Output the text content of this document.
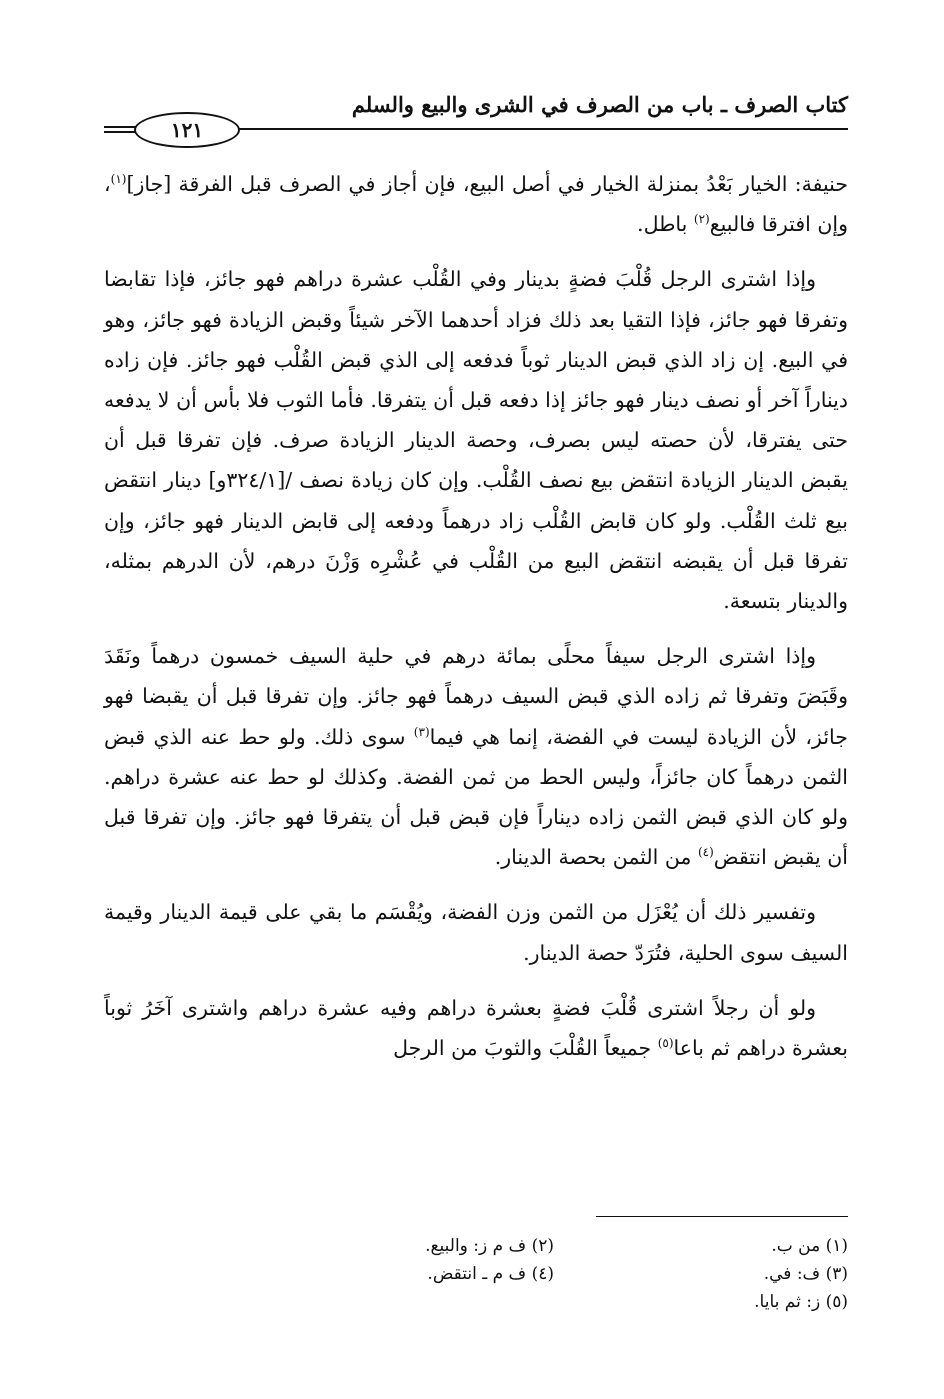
كتاب الصرف ـ باب من الصرف في الشرى والبيع والسلم
١٢١

حنيفة: الخيار بَعْدُ بمنزلة الخيار في أصل البيع، فإن أجاز في الصرف قبل الفرقة [جاز]$^{(١)}$، وإن افترقا فالبيع$^{(٢)}$ باطل.

وإذا اشترى الرجل قُلْبَ فضةٍ بدينار وفي القُلْب عشرة دراهم فهو جائز، فإذا تقابضا وتفرقا فهو جائز، فإذا التقيا بعد ذلك فزاد أحدهما الآخر شيئاً وقبض الزيادة فهو جائز، وهو في البيع. إن زاد الذي قبض الدينار ثوباً فدفعه إلى الذي قبض القُلْب فهو جائز. فإن زاده ديناراً آخر أو نصف دينار فهو جائز إذا دفعه قبل أن يتفرقا. فأما الثوب فلا بأس أن لا يدفعه حتى يفترقا، لأن حصته ليس بصرف، وحصة الدينار الزيادة صرف. فإن تفرقا قبل أن يقبض الدينار الزيادة انتقض بيع نصف القُلْب. وإن كان زيادة نصف /[٣٢٤/١و] دينار انتقض بيع ثلث القُلْب. ولو كان قابض القُلْب زاد درهماً ودفعه إلى قابض الدينار فهو جائز، وإن تفرقا قبل أن يقبضه انتقض البيع من القُلْب في عُشْرِه وَزْنَ درهم، لأن الدرهم بمثله، والدينار بتسعة.

وإذا اشترى الرجل سيفاً محلًى بمائة درهم في حلية السيف خمسون درهماً ونَقَدَ وقَبَضَ وتفرقا ثم زاده الذي قبض السيف درهماً فهو جائز. وإن تفرقا قبل أن يقبضا فهو جائز، لأن الزيادة ليست في الفضة، إنما هي فيما$^{(٣)}$ سوى ذلك. ولو حط عنه الذي قبض الثمن درهماً كان جائزاً، وليس الحط من ثمن الفضة. وكذلك لو حط عنه عشرة دراهم. ولو كان الذي قبض الثمن زاده ديناراً فإن قبض قبل أن يتفرقا فهو جائز. وإن تفرقا قبل أن يقبض انتقض$^{(٤)}$ من الثمن بحصة الدينار.

وتفسير ذلك أن يُعْزَل من الثمن وزن الفضة، ويُقْسَم ما بقي على قيمة الدينار وقيمة السيف سوى الحلية، فتُرَدّ حصة الدينار.

ولو أن رجلاً اشترى قُلْبَ فضةٍ بعشرة دراهم وفيه عشرة دراهم واشترى آخَرُ ثوباً بعشرة دراهم ثم باعا$^{(٥)}$ جميعاً القُلْبَ والثوبَ من الرجل

(١) من ب.
(٢) ف م ز: والبيع.
(٣) ف: في.
(٤) ف م ـ انتقض.
(٥) ز: ثم بايا.
